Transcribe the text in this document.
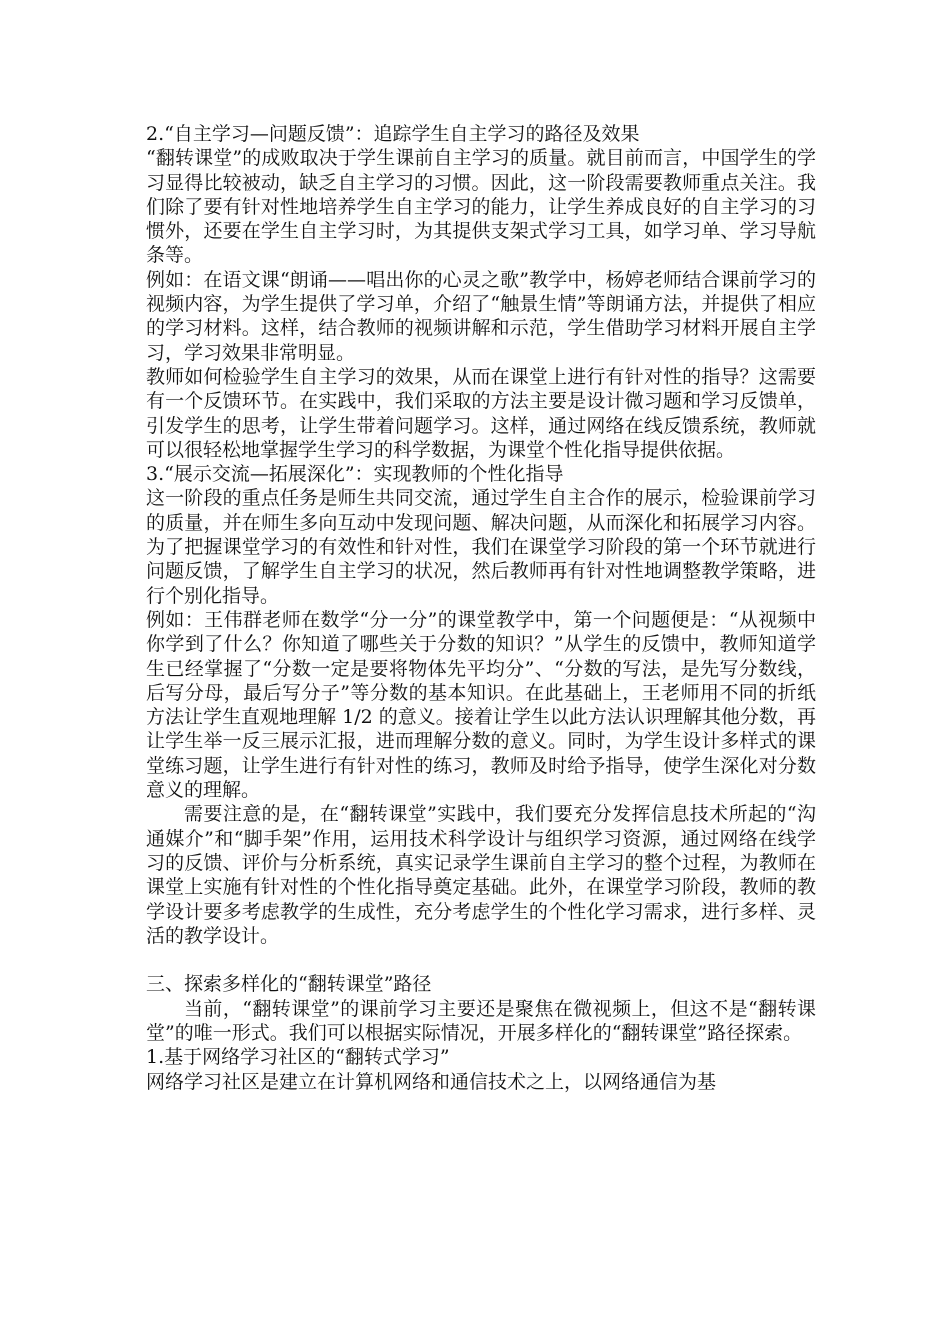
2.“自主学习—问题反馈”：追踪学生自主学习的路径及效果

“翻转课堂”的成败取决于学生课前自主学习的质量。就目前而言，中国学生的学习显得比较被动，缺乏自主学习的习惯。因此，这一阶段需要教师重点关注。我们除了要有针对性地培养学生自主学习的能力，让学生养成良好的自主学习的习惯外，还要在学生自主学习时，为其提供支架式学习工具，如学习单、学习导航条等。

例如：在语文课“朗诵——唱出你的心灵之歌”教学中，杨婷老师结合课前学习的视频内容，为学生提供了学习单，介绍了“触景生情”等朗诵方法，并提供了相应的学习材料。这样，结合教师的视频讲解和示范，学生借助学习材料开展自主学习，学习效果非常明显。

教师如何检验学生自主学习的效果，从而在课堂上进行有针对性的指导？这需要有一个反馈环节。在实践中，我们采取的方法主要是设计微习题和学习反馈单，引发学生的思考，让学生带着问题学习。这样，通过网络在线反馈系统，教师就可以很轻松地掌握学生学习的科学数据，为课堂个性化指导提供依据。

3.“展示交流—拓展深化”：实现教师的个性化指导

这一阶段的重点任务是师生共同交流，通过学生自主合作的展示，检验课前学习的质量，并在师生多向互动中发现问题、解决问题，从而深化和拓展学习内容。为了把握课堂学习的有效性和针对性，我们在课堂学习阶段的第一个环节就进行问题反馈，了解学生自主学习的状况，然后教师再有针对性地调整教学策略，进行个别化指导。

例如：王伟群老师在数学“分一分”的课堂教学中，第一个问题便是：“从视频中你学到了什么？你知道了哪些关于分数的知识？”从学生的反馈中，教师知道学生已经掌握了“分数一定是要将物体先平均分”、“分数的写法，是先写分数线，后写分母，最后写分子”等分数的基本知识。在此基础上，王老师用不同的折纸方法让学生直观地理解 1/2 的意义。接着让学生以此方法认识理解其他分数，再让学生举一反三展示汇报，进而理解分数的意义。同时，为学生设计多样式的课堂练习题，让学生进行有针对性的练习，教师及时给予指导，使学生深化对分数意义的理解。

需要注意的是，在“翻转课堂”实践中，我们要充分发挥信息技术所起的“沟通媒介”和“脚手架”作用，运用技术科学设计与组织学习资源，通过网络在线学习的反馈、评价与分析系统，真实记录学生课前自主学习的整个过程，为教师在课堂上实施有针对性的个性化指导奠定基础。此外，在课堂学习阶段，教师的教学设计要多考虑教学的生成性，充分考虑学生的个性化学习需求，进行多样、灵活的教学设计。

三、探索多样化的“翻转课堂”路径

当前，“翻转课堂”的课前学习主要还是聚焦在微视频上，但这不是“翻转课堂”的唯一形式。我们可以根据实际情况，开展多样化的“翻转课堂”路径探索。

1.基于网络学习社区的“翻转式学习”

网络学习社区是建立在计算机网络和通信技术之上，以网络通信为基
